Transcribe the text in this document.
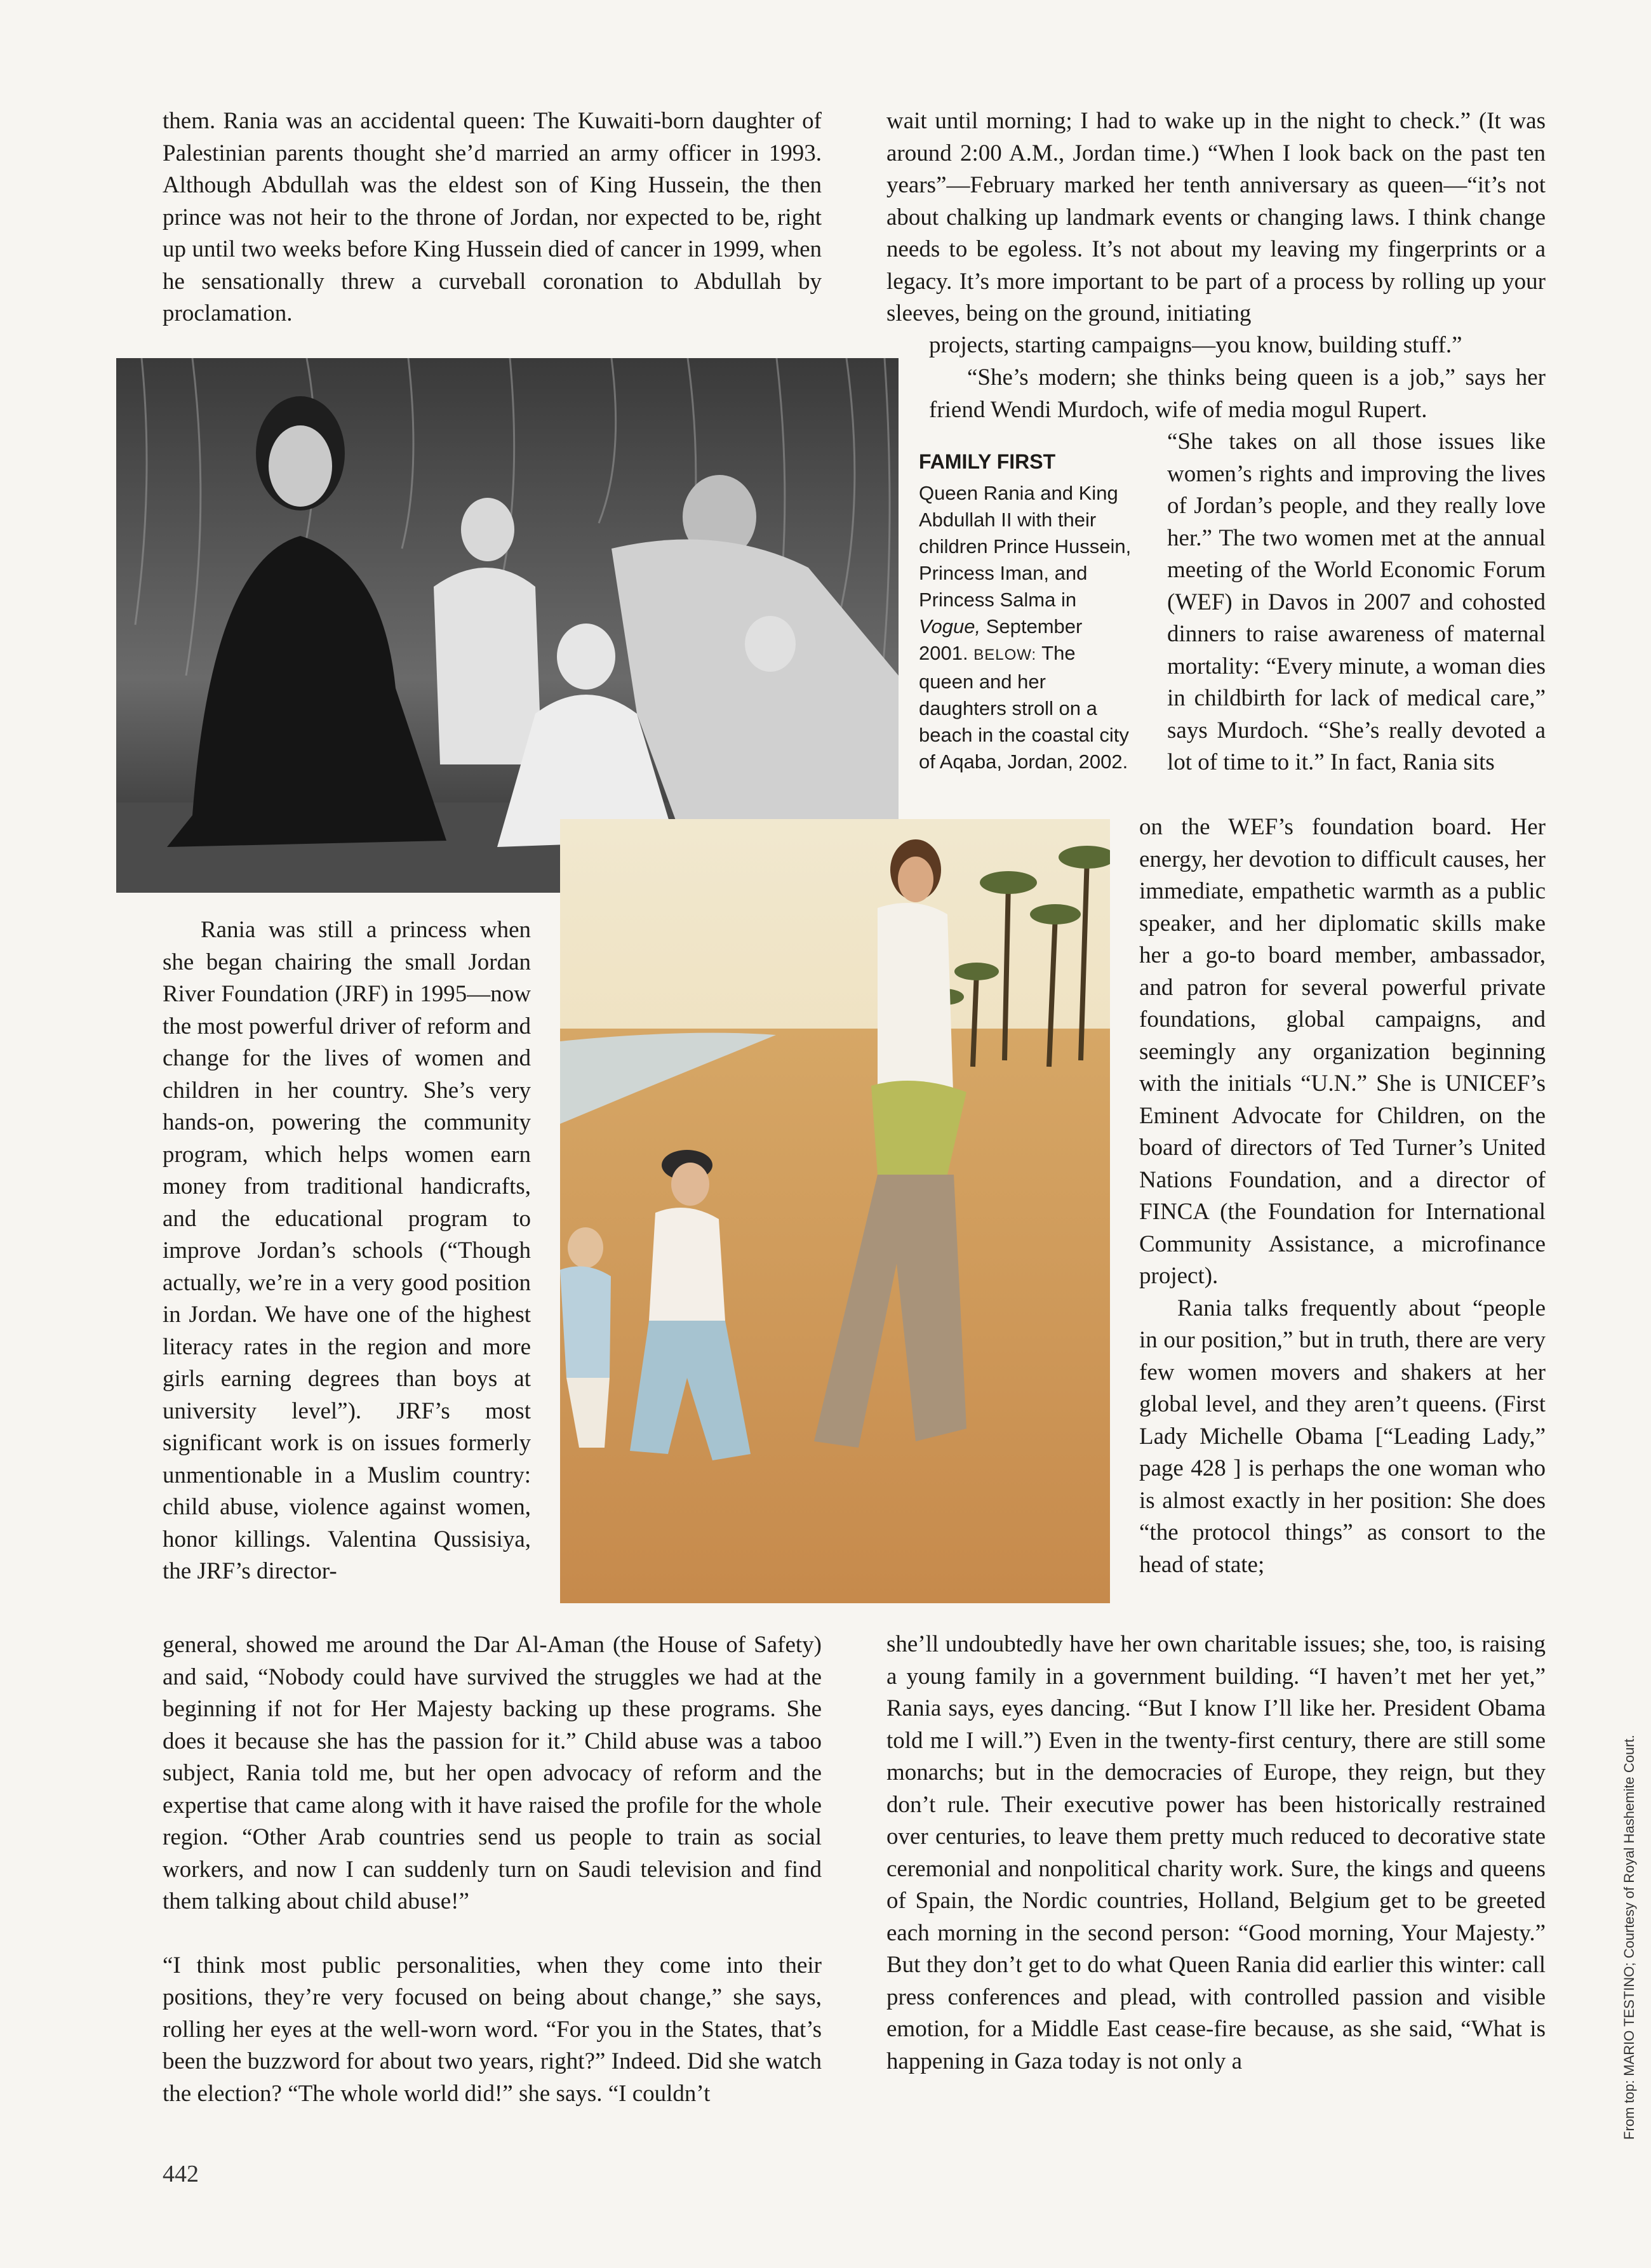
them. Rania was an accidental queen: The Kuwaiti-born daughter of Palestinian parents thought she’d married an army officer in 1993. Although Abdullah was the eldest son of King Hussein, the then prince was not heir to the throne of Jordan, nor expected to be, right up until two weeks before King Hussein died of cancer in 1999, when he sensationally threw a curveball coronation to Abdullah by proclamation.

FAMILY FIRST
Queen Rania and King Abdullah II with their children Prince Hussein, Princess Iman, and Princess Salma in Vogue, September 2001. BELOW: The queen and her daughters stroll on a beach in the coastal city of Aqaba, Jordan, 2002.

Rania was still a princess when she began chairing the small Jordan River Foundation (JRF) in 1995—now the most powerful driver of reform and change for the lives of women and children in her country. She’s very hands-on, powering the community program, which helps women earn money from traditional handicrafts, and the educational program to improve Jordan’s schools (“Though actually, we’re in a very good position in Jordan. We have one of the highest literacy rates in the region and more girls earning degrees than boys at university level”). JRF’s most significant work is on issues formerly unmentionable in a Muslim country: child abuse, violence against women, honor killings. Valentina Qussisiya, the JRF’s director-

general, showed me around the Dar Al-Aman (the House of Safety) and said, “Nobody could have survived the struggles we had at the beginning if not for Her Majesty backing up these programs. She does it because she has the passion for it.” Child abuse was a taboo subject, Rania told me, but her open advocacy of reform and the expertise that came along with it have raised the profile for the whole region. “Other Arab countries send us people to train as social workers, and now I can suddenly turn on Saudi television and find them talking about child abuse!”

“I think most public personalities, when they come into their positions, they’re very focused on being about change,” she says, rolling her eyes at the well-worn word. “For you in the States, that’s been the buzzword for about two years, right?” Indeed. Did she watch the election? “The whole world did!” she says. “I couldn’t

wait until morning; I had to wake up in the night to check.” (It was around 2:00 A.M., Jordan time.) “When I look back on the past ten years”—February marked her tenth anniversary as queen—“it’s not about chalking up landmark events or changing laws. I think change needs to be egoless. It’s not about my leaving my fingerprints or a legacy. It’s more important to be part of a process by rolling up your sleeves, being on the ground, initiating

projects, starting campaigns—you know, building stuff.”

“She’s modern; she thinks being queen is a job,” says her friend Wendi Murdoch, wife of media mogul Rupert.

“She takes on all those issues like women’s rights and improving the lives of Jordan’s people, and they really love her.” The two women met at the annual meeting of the World Economic Forum (WEF) in Davos in 2007 and cohosted dinners to raise awareness of maternal mortality: “Every minute, a woman dies in childbirth for lack of medical care,” says Murdoch. “She’s really devoted a lot of time to it.” In fact, Rania sits

on the WEF’s foundation board. Her energy, her devotion to difficult causes, her immediate, empathetic warmth as a public speaker, and her diplomatic skills make her a go-to board member, ambassador, and patron for several powerful private foundations, global campaigns, and seemingly any organization beginning with the initials “U.N.” She is UNICEF’s Eminent Advocate for Children, on the board of directors of Ted Turner’s United Nations Foundation, and a director of FINCA (the Foundation for International Community Assistance, a microfinance project).

Rania talks frequently about “people in our position,” but in truth, there are very few women movers and shakers at her global level, and they aren’t queens. (First Lady Michelle Obama [“Leading Lady,” page 428 ] is perhaps the one woman who is almost exactly in her position: She does “the protocol things” as consort to the head of state;

she’ll undoubtedly have her own charitable issues; she, too, is raising a young family in a government building. “I haven’t met her yet,” Rania says, eyes dancing. “But I know I’ll like her. President Obama told me I will.”) Even in the twenty-first century, there are still some monarchs; but in the democracies of Europe, they reign, but they don’t rule. Their executive power has been historically restrained over centuries, to leave them pretty much reduced to decorative state ceremonial and nonpolitical charity work. Sure, the kings and queens of Spain, the Nordic countries, Holland, Belgium get to be greeted each morning in the second person: “Good morning, Your Majesty.” But they don’t get to do what Queen Rania did earlier this winter: call press conferences and plead, with controlled passion and visible emotion, for a Middle East cease-fire because, as she said, “What is happening in Gaza today is not only a	From top: MARIO TESTINO; Courtesy of Royal Hashemite Court.
442
